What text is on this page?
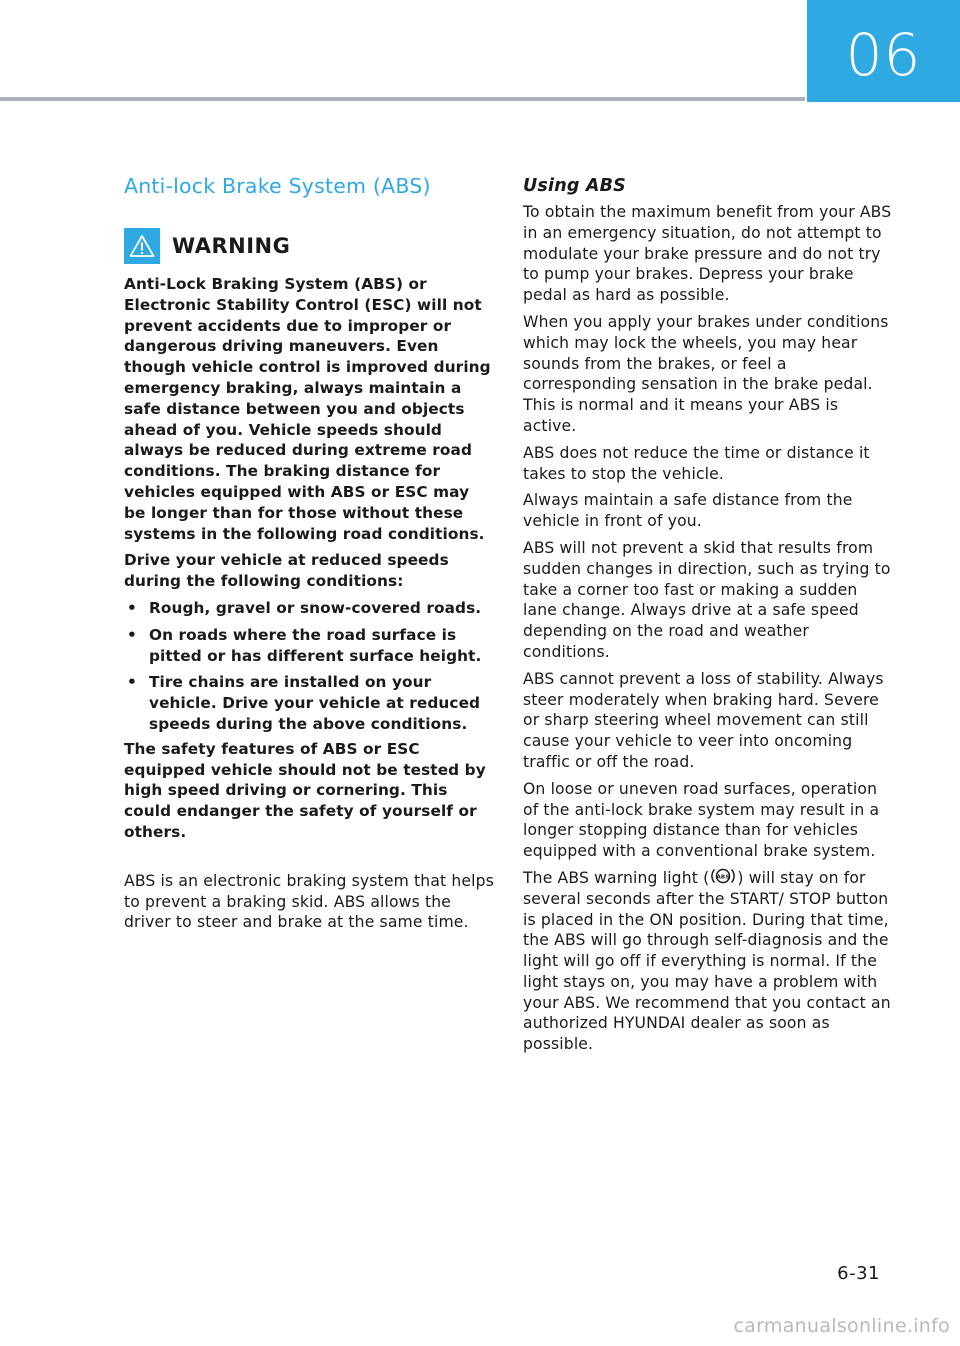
06
Anti-lock Brake System (ABS)
WARNING

Anti-Lock Braking System (ABS) or Electronic Stability Control (ESC) will not prevent accidents due to improper or dangerous driving maneuvers. Even though vehicle control is improved during emergency braking, always maintain a safe distance between you and objects ahead of you. Vehicle speeds should always be reduced during extreme road conditions. The braking distance for vehicles equipped with ABS or ESC may be longer than for those without these systems in the following road conditions.

Drive your vehicle at reduced speeds during the following conditions:

• Rough, gravel or snow-covered roads.
• On roads where the road surface is pitted or has different surface height.
• Tire chains are installed on your vehicle. Drive your vehicle at reduced speeds during the above conditions.

The safety features of ABS or ESC equipped vehicle should not be tested by high speed driving or cornering. This could endanger the safety of yourself or others.

ABS is an electronic braking system that helps to prevent a braking skid. ABS allows the driver to steer and brake at the same time.

Using ABS

To obtain the maximum benefit from your ABS in an emergency situation, do not attempt to modulate your brake pressure and do not try to pump your brakes. Depress your brake pedal as hard as possible.

When you apply your brakes under conditions which may lock the wheels, you may hear sounds from the brakes, or feel a corresponding sensation in the brake pedal. This is normal and it means your ABS is active.

ABS does not reduce the time or distance it takes to stop the vehicle.

Always maintain a safe distance from the vehicle in front of you.

ABS will not prevent a skid that results from sudden changes in direction, such as trying to take a corner too fast or making a sudden lane change. Always drive at a safe speed depending on the road and weather conditions.

ABS cannot prevent a loss of stability. Always steer moderately when braking hard. Severe or sharp steering wheel movement can still cause your vehicle to veer into oncoming traffic or off the road.

On loose or uneven road surfaces, operation of the anti-lock brake system may result in a longer stopping distance than for vehicles equipped with a conventional brake system.

The ABS warning light ( ABS ) will stay on for several seconds after the START/ STOP button is placed in the ON position. During that time, the ABS will go through self-diagnosis and the light will go off if everything is normal. If the light stays on, you may have a problem with your ABS. We recommend that you contact an authorized HYUNDAI dealer as soon as possible.

6-31
carmanualsonline.info
